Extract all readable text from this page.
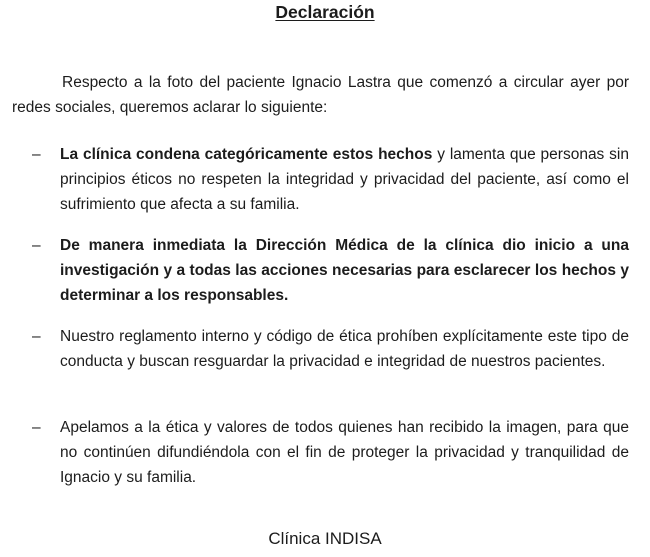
Declaración

Respecto a la foto del paciente Ignacio Lastra que comenzó a circular ayer por redes sociales, queremos aclarar lo siguiente:

–	La clínica condena categóricamente estos hechos y lamenta que personas sin principios éticos no respeten la integridad y privacidad del paciente, así como el sufrimiento que afecta a su familia.
–	De manera inmediata la Dirección Médica de la clínica dio inicio a una investigación y a todas las acciones necesarias para esclarecer los hechos y determinar a los responsables.
–	Nuestro reglamento interno y código de ética prohíben explícitamente este tipo de conducta y buscan resguardar la privacidad e integridad de nuestros pacientes.
–	Apelamos a la ética y valores de todos quienes han recibido la imagen, para que no continúen difundiéndola con el fin de proteger la privacidad y tranquilidad de Ignacio y su familia.
Clínica INDISA
